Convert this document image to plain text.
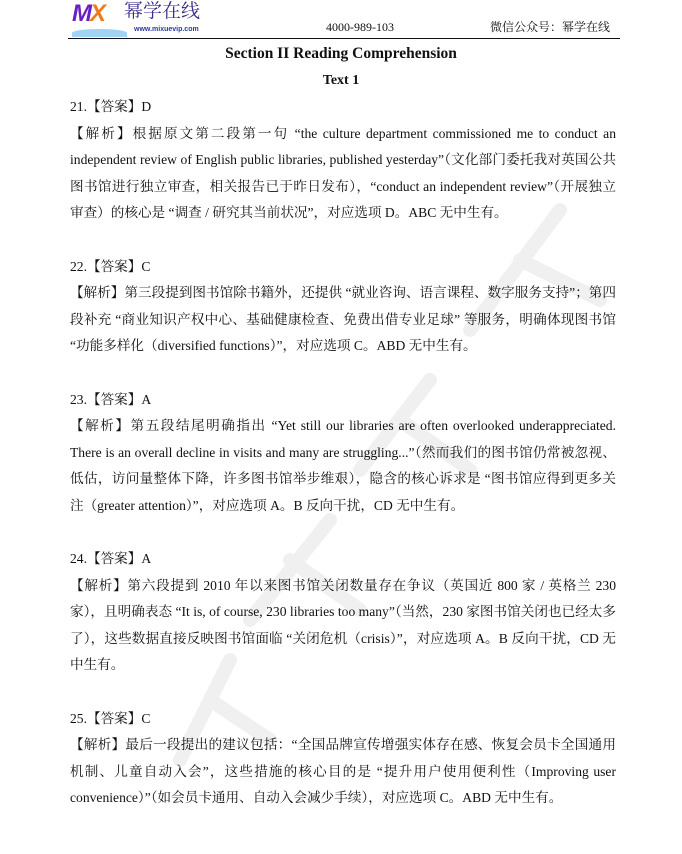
MX 幂学在线
www.mixuevip.com	4000-989-103	微信公众号：幂学在线
Section II Reading Comprehension
Text 1

21.【答案】D

【解析】根据原文第二段第一句 “the culture department commissioned me to conduct an independent review of English public libraries, published yesterday”（文化部门委托我对英国公共图书馆进行独立审查，相关报告已于昨日发布），“conduct an independent review”（开展独立审查）的核心是 “调查 / 研究其当前状况”，对应选项 D。ABC 无中生有。

22.【答案】C

【解析】第三段提到图书馆除书籍外，还提供 “就业咨询、语言课程、数字服务支持”；第四段补充 “商业知识产权中心、基础健康检查、免费出借专业足球” 等服务，明确体现图书馆 “功能多样化（diversified functions）”，对应选项 C。ABD 无中生有。

23.【答案】A

【解析】第五段结尾明确指出 “Yet still our libraries are often overlooked underappreciated. There is an overall decline in visits and many are struggling...”（然而我们的图书馆仍常被忽视、低估，访问量整体下降，许多图书馆举步维艰），隐含的核心诉求是 “图书馆应得到更多关注（greater attention）”，对应选项 A。B 反向干扰，CD 无中生有。

24.【答案】A

【解析】第六段提到 2010 年以来图书馆关闭数量存在争议（英国近 800 家 / 英格兰 230 家），且明确表态 “It is, of course, 230 libraries too many”（当然，230 家图书馆关闭也已经太多了），这些数据直接反映图书馆面临 “关闭危机（crisis）”，对应选项 A。B 反向干扰，CD 无中生有。

25.【答案】C

【解析】最后一段提出的建议包括：“全国品牌宣传增强实体存在感、恢复会员卡全国通用机制、儿童自动入会”，这些措施的核心目的是 “提升用户使用便利性（Improving user convenience）”（如会员卡通用、自动入会减少手续），对应选项 C。ABD 无中生有。
